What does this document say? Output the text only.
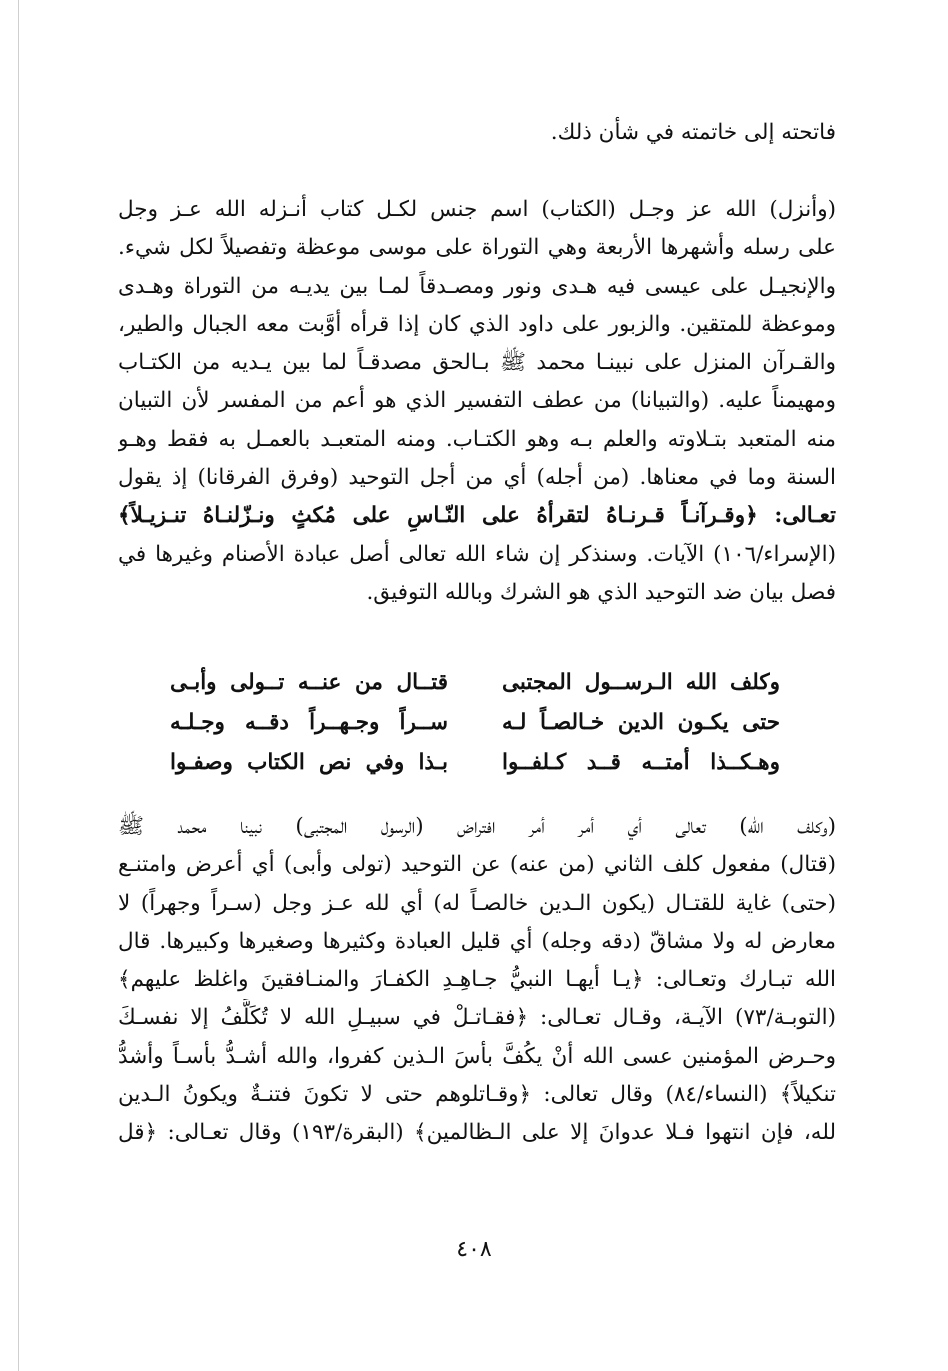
فاتحته إلى خاتمته في شأن ذلك.
(وأنزل) الله عز وجـل (الكتاب) اسم جنس لكـل كتاب أنـزله الله عـز وجل
على رسله وأشهرها الأربعة وهي التوراة على موسى موعظة وتفصيلاً لكل شيء.
والإنجيـل على عيسى فيه هـدى ونور ومصـدقاً لمـا بين يديـه من التوراة وهـدى
وموعظة للمتقين. والزبور على داود الذي كان إذا قرأه أوَّبت معه الجبال والطير،
والقـرآن المنزل على نبينـا محمد ﷺ بـالحق مصدقـاً لما بين يـديه من الكتـاب
ومهيمناً عليه. (والتبيانا) من عطف التفسير الذي هو أعم من المفسر لأن التبيان
منه المتعبد بتـلاوته والعلم بـه وهو الكتـاب. ومنه المتعبـد بالعمـل به فقط وهـو
السنة وما في معناها. (من أجله) أي من أجل التوحيد (وفرق الفرقانا) إذ يقول
تعـالى: ﴿وقـرآنـاً قـرنـاهُ لتقرأهُ على النّـاسِ على مُكثٍ ونـزّلنـاهُ تنـزيـلاً﴾
(الإسراء/١٠٦) الآيات. وسنذكر إن شاء الله تعالى أصل عبادة الأصنام وغيرها في
فصل بيان ضد التوحيد الذي هو الشرك وبالله التوفيق.
وكلف الله الـرســول المجتبى
قتــال من عنــه تــولى وأبـى
حتى يكـون الدين خـالصـاً لـه
ســراً وجـهــراً دقــه وجـلـه
وهـكــذا أمتــه قــد كـلفــوا
بـذا وفي نص الكتاب وصفـوا
(وكلف الله) تعالى أي أمر أمر افتراض (الرسول المجتبى) نبينا محمد ﷺ
(قتال) مفعول كلف الثاني (من عنه) عن التوحيد (تولى وأبى) أي أعرض وامتنـع
(حتى) غاية للقتـال (يكون الـدين خالصـاً له) أي لله عـز وجل (سـراً وجهراً) لا
معارض له ولا مشاقّ (دقه وجله) أي قليل العبادة وكثيرها وصغيرها وكبيرها. قال
الله تبـارك وتعـالى: ﴿يـا أيهـا النبيُّ جـاهِـدِ الكفـارَ والمنـافقينَ واغلظ عليهم﴾
(التوبـة/٧٣) الآيـة، وقـال تعـالى: ﴿فقـاتـلْ في سبيـلِ الله لا تُكَلَّفُ إلا نفسـكَ
وحـرض المؤمنين عسى الله أنْ يكُفَّ بأسَ الـذين كفروا، والله أشـدُّ بأسـاً وأشدُّ
تنكيلاً﴾ (النساء/٨٤) وقال تعالى: ﴿وقـاتلوهم حتى لا تكونَ فتنـةٌ ويكونُ الـدين
لله، فإن انتهوا فـلا عدوانَ إلا على الـظالمين﴾ (البقرة/١٩٣) وقال تعـالى: ﴿قل
٤٠٨
